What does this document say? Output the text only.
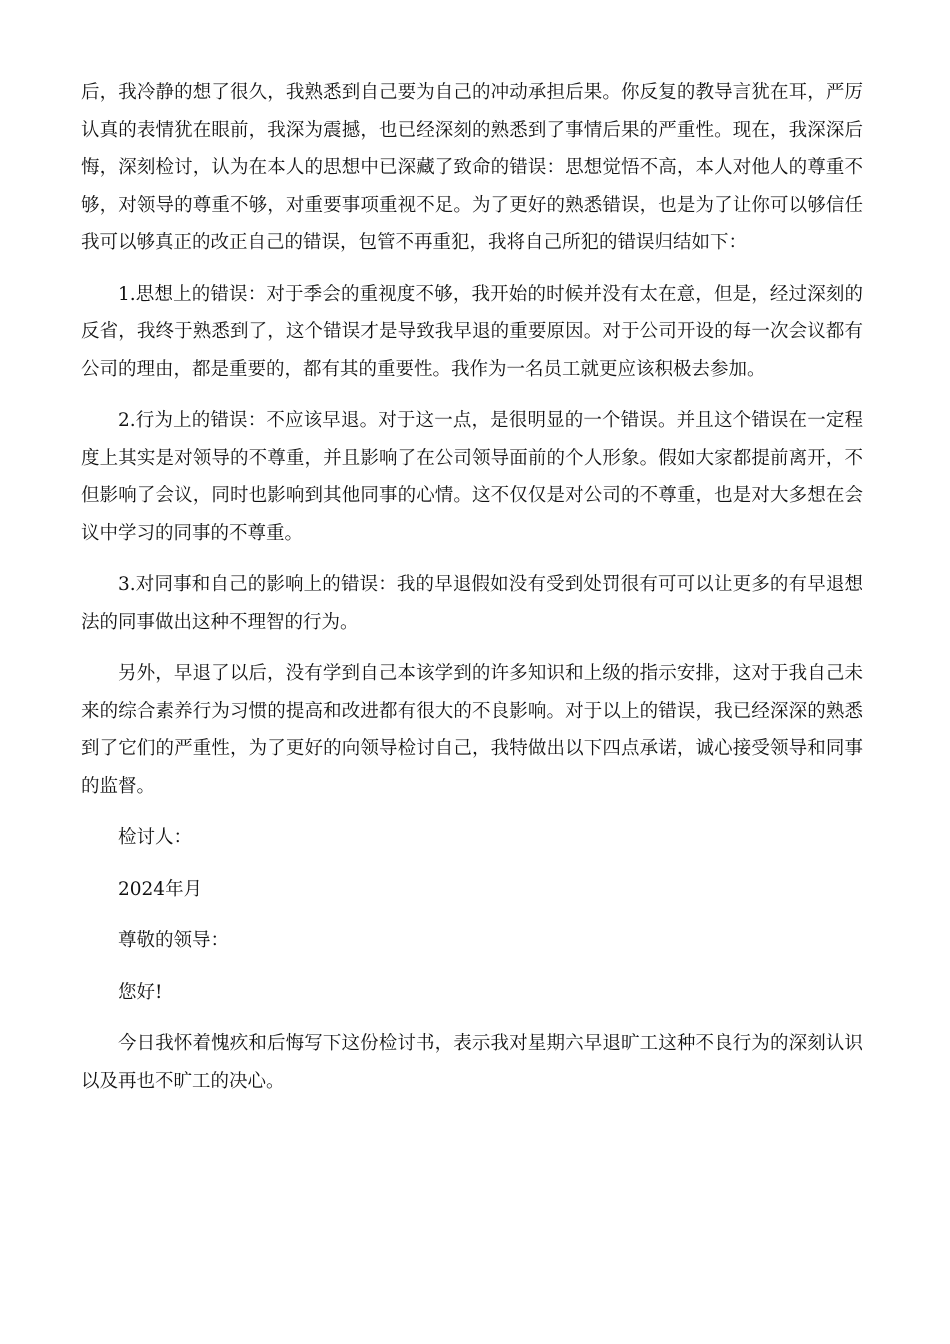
后，我冷静的想了很久，我熟悉到自己要为自己的冲动承担后果。你反复的教导言犹在耳，严厉认真的表情犹在眼前，我深为震撼，也已经深刻的熟悉到了事情后果的严重性。现在，我深深后悔，深刻检讨，认为在本人的思想中已深藏了致命的错误：思想觉悟不高，本人对他人的尊重不够，对领导的尊重不够，对重要事项重视不足。为了更好的熟悉错误，也是为了让你可以够信任我可以够真正的改正自己的错误，包管不再重犯，我将自己所犯的错误归结如下：

1.思想上的错误：对于季会的重视度不够，我开始的时候并没有太在意，但是，经过深刻的反省，我终于熟悉到了，这个错误才是导致我早退的重要原因。对于公司开设的每一次会议都有公司的理由，都是重要的，都有其的重要性。我作为一名员工就更应该积极去参加。

2.行为上的错误：不应该早退。对于这一点，是很明显的一个错误。并且这个错误在一定程度上其实是对领导的不尊重，并且影响了在公司领导面前的个人形象。假如大家都提前离开，不但影响了会议，同时也影响到其他同事的心情。这不仅仅是对公司的不尊重，也是对大多想在会议中学习的同事的不尊重。

3.对同事和自己的影响上的错误：我的早退假如没有受到处罚很有可可以让更多的有早退想法的同事做出这种不理智的行为。

另外，早退了以后，没有学到自己本该学到的许多知识和上级的指示安排，这对于我自己未来的综合素养行为习惯的提高和改进都有很大的不良影响。对于以上的错误，我已经深深的熟悉到了它们的严重性，为了更好的向领导检讨自己，我特做出以下四点承诺，诚心接受领导和同事的监督。

检讨人：

2024年月

尊敬的领导：

您好!

今日我怀着愧疚和后悔写下这份检讨书，表示我对星期六早退旷工这种不良行为的深刻认识以及再也不旷工的决心。
